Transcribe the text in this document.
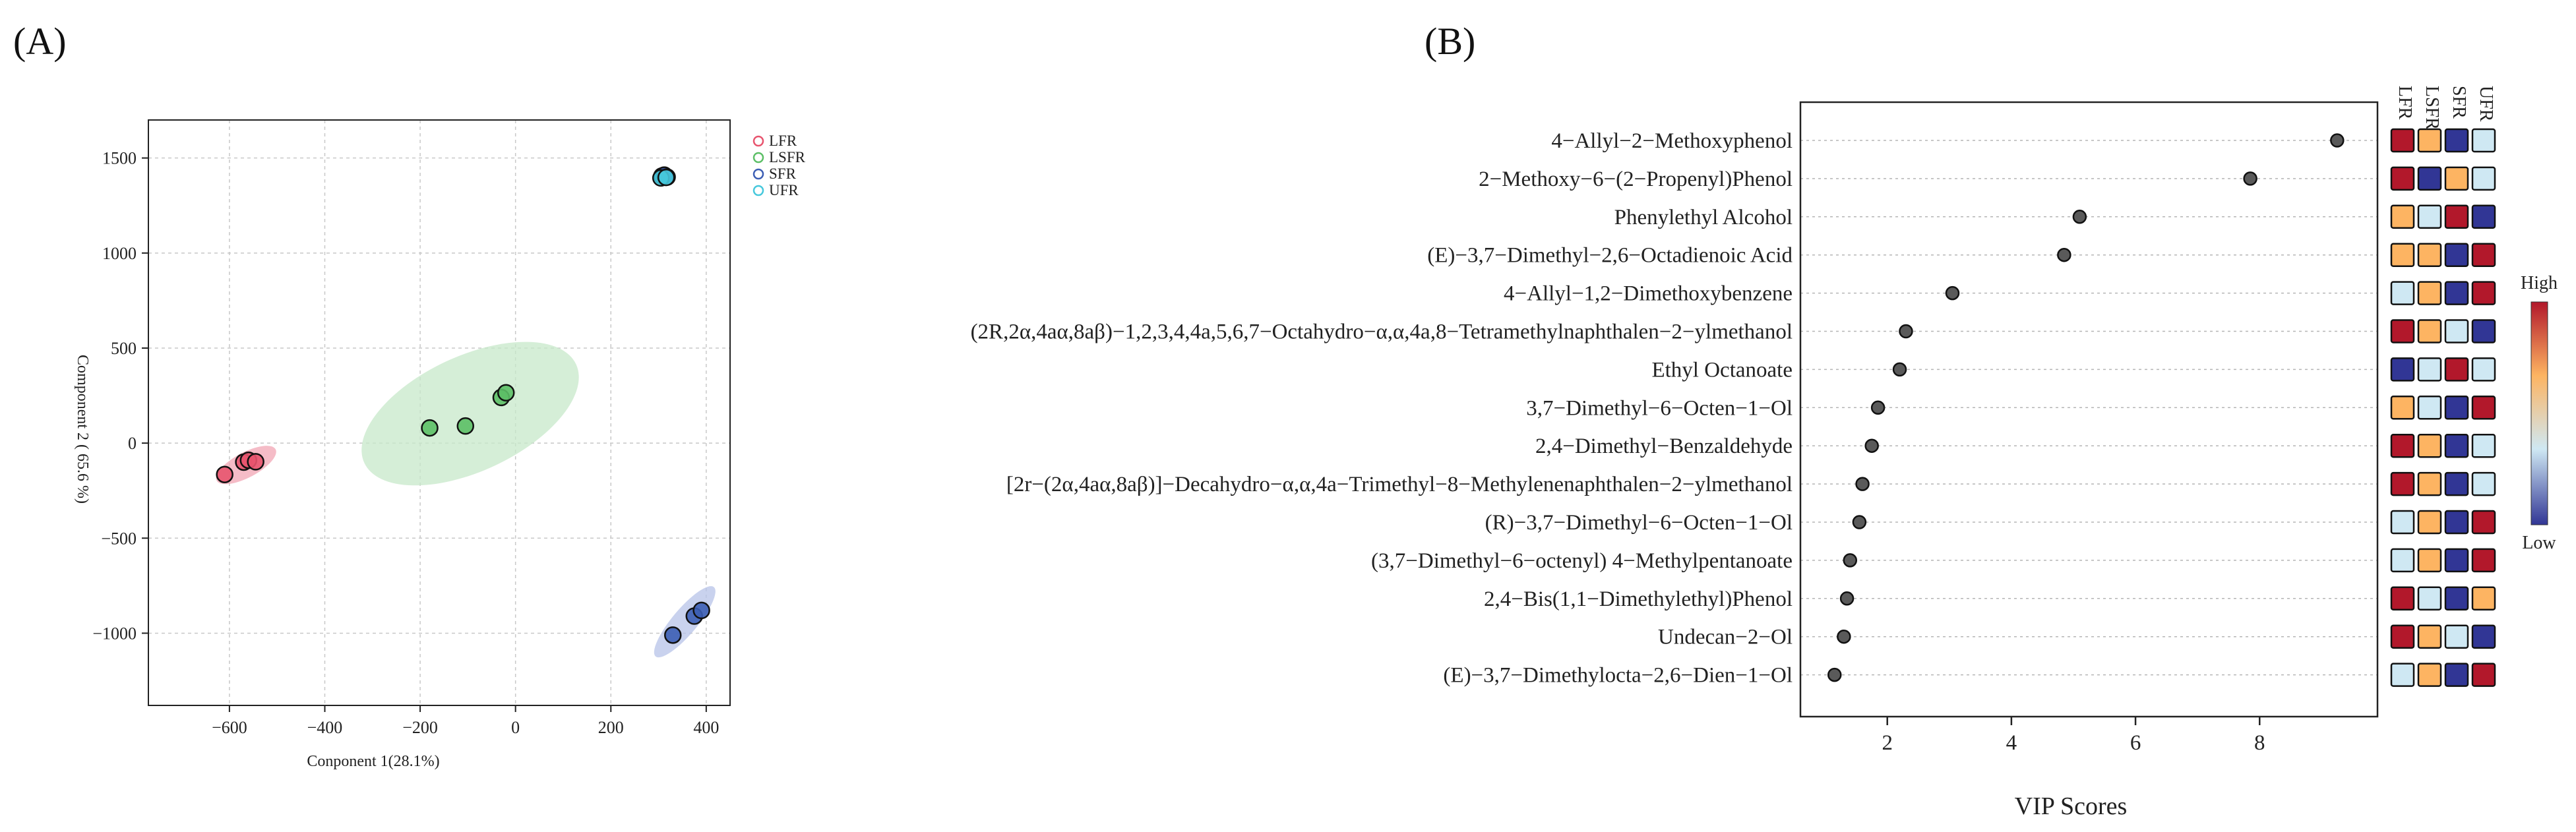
(A)	(B)
−600	−400	−200	0	200	400
−1000
−500
0
500
1000
1500
Conponent 1(28.1%)
Component 2 ( 65.6 %)
LFR
LSFR
SFR
UFR
4−Allyl−2−Methoxyphenol
2−Methoxy−6−(2−Propenyl)Phenol
Phenylethyl Alcohol
(E)−3,7−Dimethyl−2,6−Octadienoic Acid
4−Allyl−1,2−Dimethoxybenzene
(2R,2α,4aα,8aβ)−1,2,3,4,4a,5,6,7−Octahydro−α,α,4a,8−Tetramethylnaphthalen−2−ylmethanol
Ethyl Octanoate
3,7−Dimethyl−6−Octen−1−Ol
2,4−Dimethyl−Benzaldehyde
[2r−(2α,4aα,8aβ)]−Decahydro−α,α,4a−Trimethyl−8−Methylenenaphthalen−2−ylmethanol
(R)−3,7−Dimethyl−6−Octen−1−Ol
(3,7−Dimethyl−6−octenyl) 4−Methylpentanoate
2,4−Bis(1,1−Dimethylethyl)Phenol
Undecan−2−Ol
(E)−3,7−Dimethylocta−2,6−Dien−1−Ol
2	4	6	8
VIP Scores
LFR LSFR SFR UFR
High
Low
